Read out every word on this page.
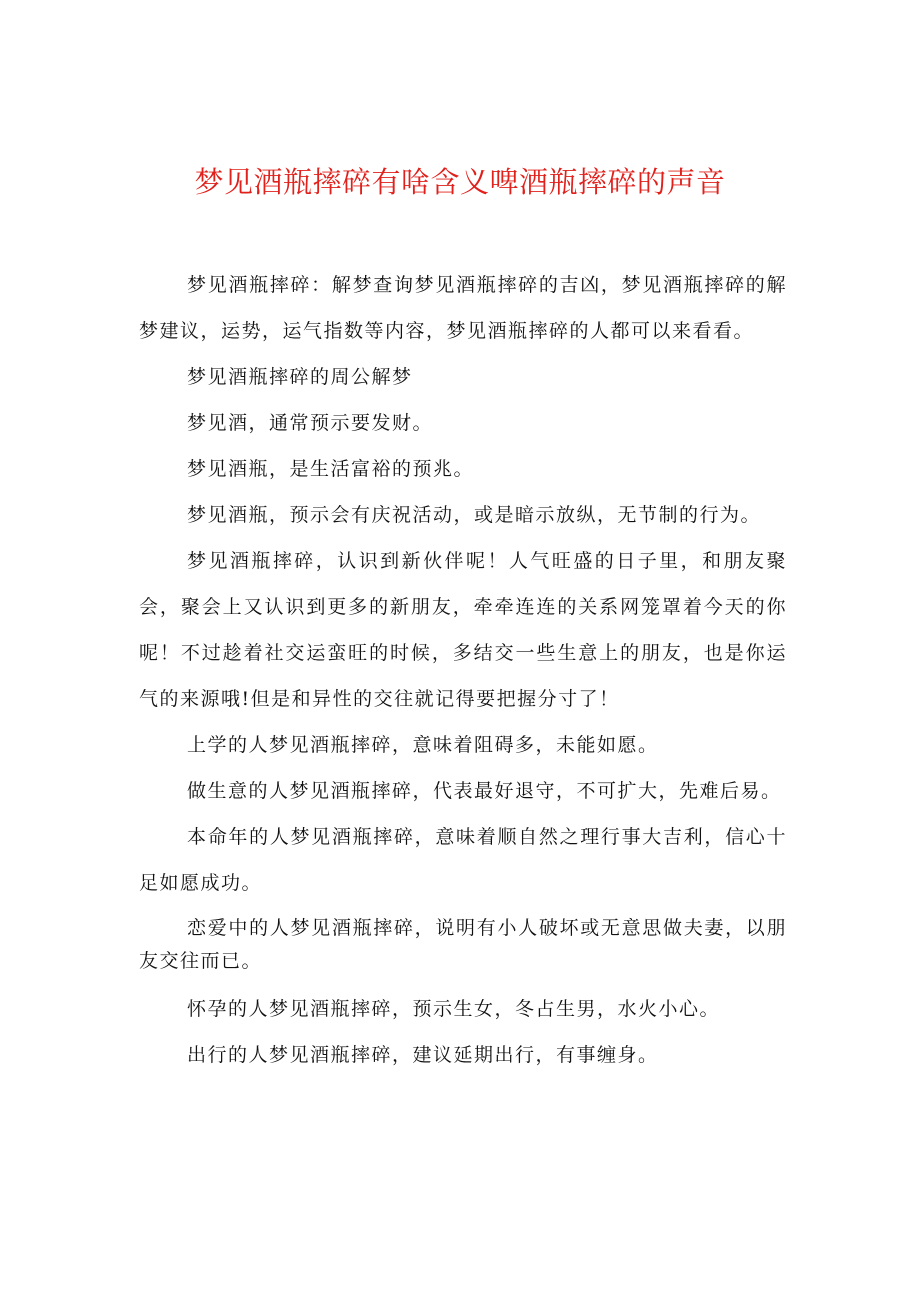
梦见酒瓶摔碎有啥含义啤酒瓶摔碎的声音

梦见酒瓶摔碎：解梦查询梦见酒瓶摔碎的吉凶，梦见酒瓶摔碎的解梦建议，运势，运气指数等内容，梦见酒瓶摔碎的人都可以来看看。

梦见酒瓶摔碎的周公解梦

梦见酒，通常预示要发财。

梦见酒瓶，是生活富裕的预兆。

梦见酒瓶，预示会有庆祝活动，或是暗示放纵，无节制的行为。

梦见酒瓶摔碎，认识到新伙伴呢！人气旺盛的日子里，和朋友聚会，聚会上又认识到更多的新朋友，牵牵连连的关系网笼罩着今天的你呢！不过趁着社交运蛮旺的时候，多结交一些生意上的朋友，也是你运气的来源哦!但是和异性的交往就记得要把握分寸了！

上学的人梦见酒瓶摔碎，意味着阻碍多，未能如愿。

做生意的人梦见酒瓶摔碎，代表最好退守，不可扩大，先难后易。

本命年的人梦见酒瓶摔碎，意味着顺自然之理行事大吉利，信心十足如愿成功。

恋爱中的人梦见酒瓶摔碎，说明有小人破坏或无意思做夫妻，以朋友交往而已。

怀孕的人梦见酒瓶摔碎，预示生女，冬占生男，水火小心。

出行的人梦见酒瓶摔碎，建议延期出行，有事缠身。
